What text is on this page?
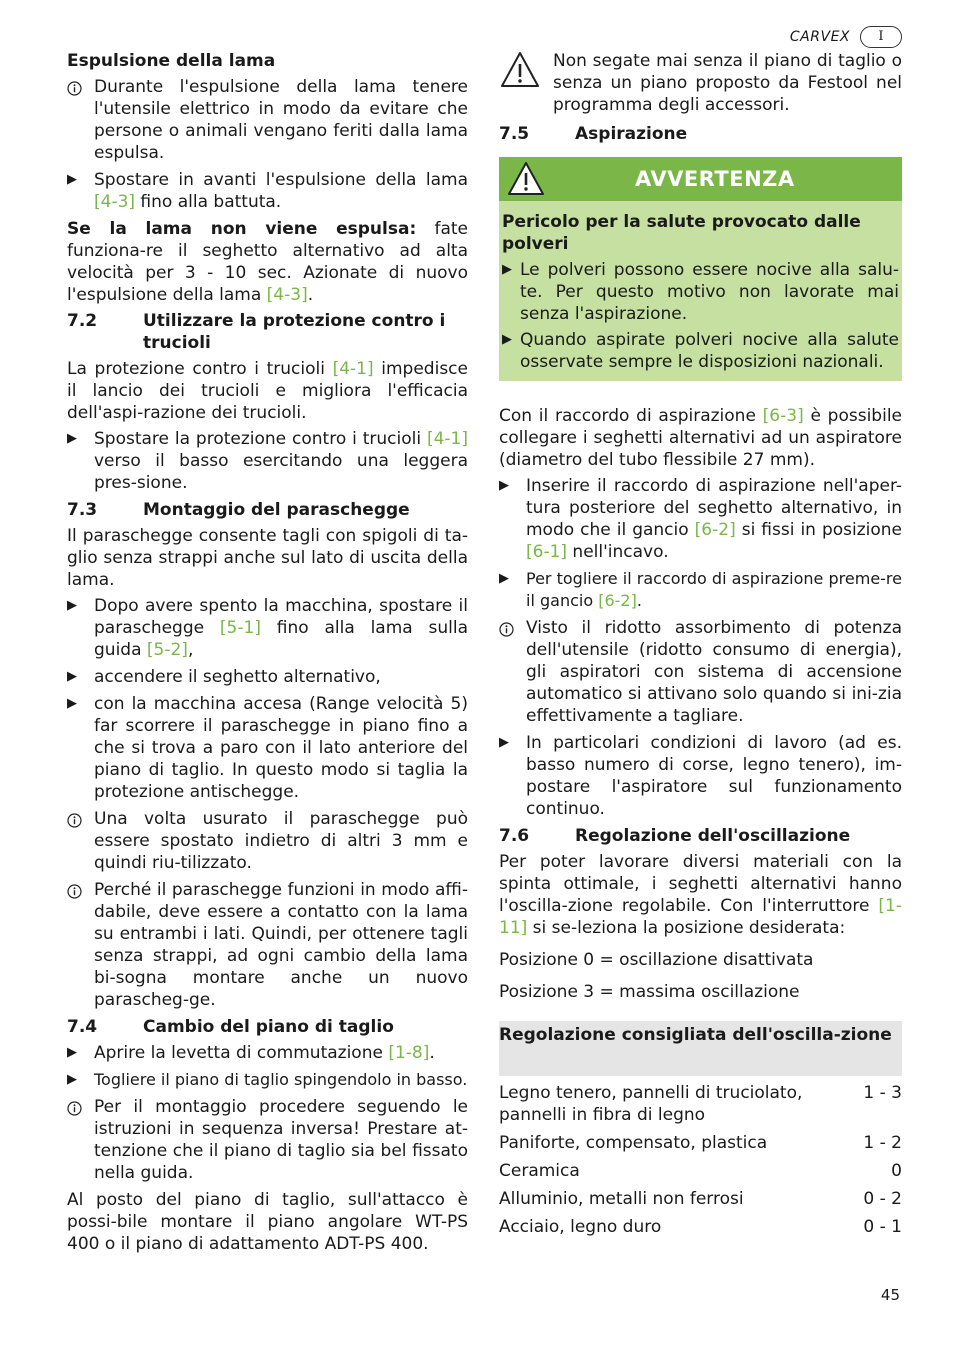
CARVEX	I
Espulsione della lama
Durante l'espulsione della lama tenere l'utensile elettrico in modo da evitare che persone o animali vengano feriti dalla lama espulsa.
▶	Spostare in avanti l'espulsione della lama [4-3] fino alla battuta.

Se la lama non viene espulsa: fate funziona-re il seghetto alternativo ad alta velocità per 3 - 10 sec. Azionate di nuovo l'espulsione della lama [4-3].

7.2	Utilizzare la protezione contro i trucioli

La protezione contro i trucioli [4-1] impedisce il lancio dei trucioli e migliora l'efficacia dell'aspi-razione dei trucioli.

▶	Spostare la protezione contro i trucioli [4-1] verso il basso esercitando una leggera pres-sione.
7.3	Montaggio del paraschegge

Il paraschegge consente tagli con spigoli di ta-glio senza strappi anche sul lato di uscita della lama.

▶	Dopo avere spento la macchina, spostare il paraschegge [5-1] fino alla lama sulla guida [5-2],
▶	accendere il seghetto alternativo,
▶	con la macchina accesa (Range velocità 5) far scorrere il paraschegge in piano fino a che si trova a paro con il lato anteriore del piano di taglio. In questo modo si taglia la protezione antischegge.
Una volta usurato il paraschegge può essere spostato indietro di altri 3 mm e quindi riu-tilizzato.
Perché il paraschegge funzioni in modo affi-dabile, deve essere a contatto con la lama su entrambi i lati. Quindi, per ottenere tagli senza strappi, ad ogni cambio della lama bi-sogna montare anche un nuovo parascheg-ge.
7.4	Cambio del piano di taglio
▶	Aprire la levetta di commutazione [1-8].
▶	Togliere il piano di taglio spingendolo in basso.
Per il montaggio procedere seguendo le istruzioni in sequenza inversa! Prestare at-tenzione che il piano di taglio sia bel fissato nella guida.

Al posto del piano di taglio, sull'attacco è possi-bile montare il piano angolare WT-PS 400 o il piano di adattamento ADT-PS 400.

Non segate mai senza il piano di taglio o senza un piano proposto da Festool nel programma degli accessori.
7.5	Aspirazione
AVVERTENZA
Pericolo per la salute provocato dalle polveri
▶ Le polveri possono essere nocive alla salu-te. Per questo motivo non lavorate mai senza l'aspirazione.
▶ Quando aspirate polveri nocive alla salute osservate sempre le disposizioni nazionali.

Con il raccordo di aspirazione [6-3] è possibile collegare i seghetti alternativi ad un aspiratore (diametro del tubo flessibile 27 mm).

▶	Inserire il raccordo di aspirazione nell'aper-tura posteriore del seghetto alternativo, in modo che il gancio [6-2] si fissi in posizione [6-1] nell'incavo.
▶	Per togliere il raccordo di aspirazione preme-re il gancio [6-2].
Visto il ridotto assorbimento di potenza dell'utensile (ridotto consumo di energia), gli aspiratori con sistema di accensione automatico si attivano solo quando si ini-zia effettivamente a tagliare.
▶	In particolari condizioni di lavoro (ad es. basso numero di corse, legno tenero), im-postare l'aspiratore sul funzionamento continuo.
7.6	Regolazione dell'oscillazione

Per poter lavorare diversi materiali con la spinta ottimale, i seghetti alternativi hanno l'oscilla-zione regolabile. Con l'interruttore [1-11] si se-leziona la posizione desiderata:

Posizione 0 = oscillazione disattivata

Posizione 3 = massima oscillazione

Regolazione consigliata dell'oscilla-zione
Legno tenero, pannelli di truciolato, pannelli in fibra di legno
1 - 3
Paniforte, compensato, plastica	1 - 2
Ceramica	0
Alluminio, metalli non ferrosi	0 - 2
Acciaio, legno duro	0 - 1
45
